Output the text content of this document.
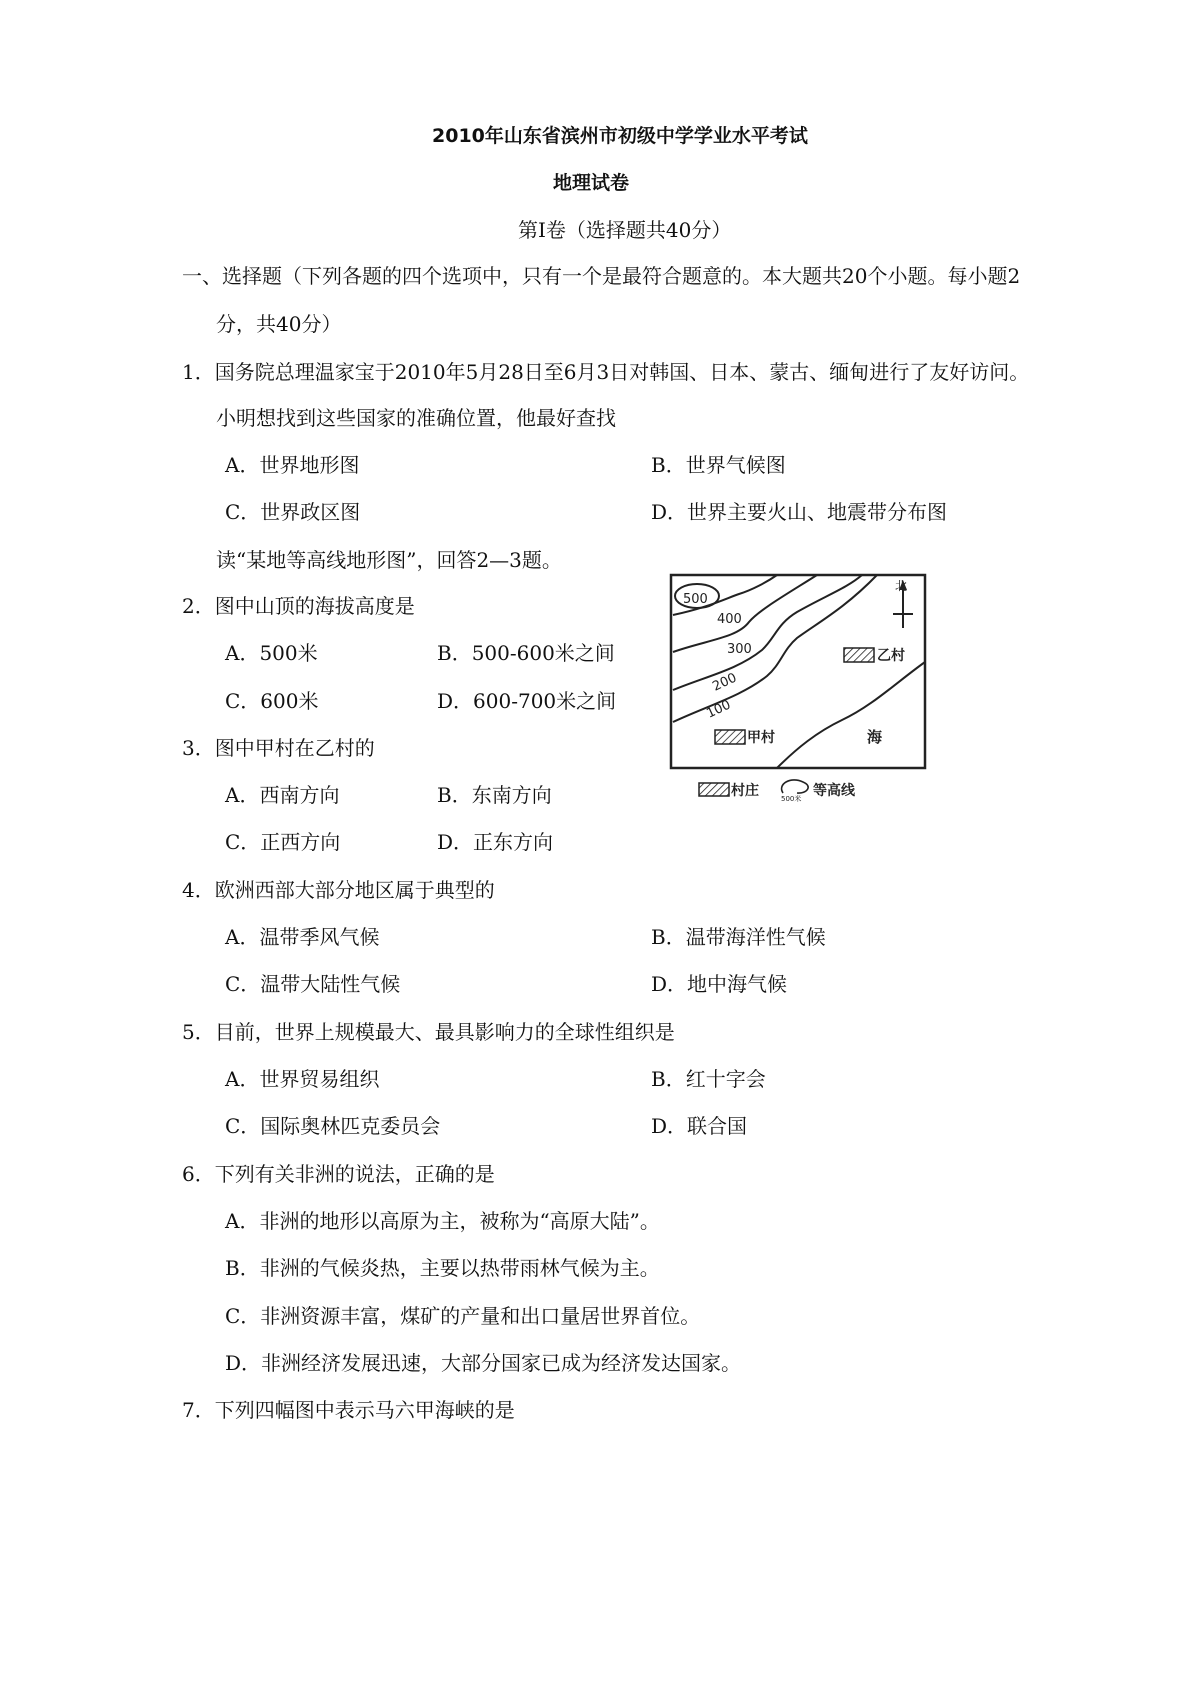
2010年山东省滨州市初级中学学业水平考试
地理试卷
第Ⅰ卷（选择题共40分）
一、选择题（下列各题的四个选项中，只有一个是最符合题意的。本大题共20个小题。每小题2
分，共40分）
1．国务院总理温家宝于2010年5月28日至6月3日对韩国、日本、蒙古、缅甸进行了友好访问。
小明想找到这些国家的准确位置，他最好查找
A．世界地形图	B．世界气候图
C．世界政区图	D．世界主要火山、地震带分布图
读“某地等高线地形图”，回答2—3题。
2．图中山顶的海拔高度是
A．500米	B．500-600米之间
C．600米	D．600-700米之间
3．图中甲村在乙村的
A．西南方向	B．东南方向
C．正西方向	D．正东方向
4．欧洲西部大部分地区属于典型的
A．温带季风气候	B．温带海洋性气候
C．温带大陆性气候	D．地中海气候
5．目前，世界上规模最大、最具影响力的全球性组织是
A．世界贸易组织	B．红十字会
C．国际奥林匹克委员会	D．联合国
6．下列有关非洲的说法，正确的是
A．非洲的地形以高原为主，被称为“高原大陆”。
B．非洲的气候炎热，主要以热带雨林气候为主。
C．非洲资源丰富，煤矿的产量和出口量居世界首位。
D．非洲经济发展迅速，大部分国家已成为经济发达国家。
7．下列四幅图中表示马六甲海峡的是
500
400
300
200
100
北
乙村
甲村	海
村庄	500米 等高线
